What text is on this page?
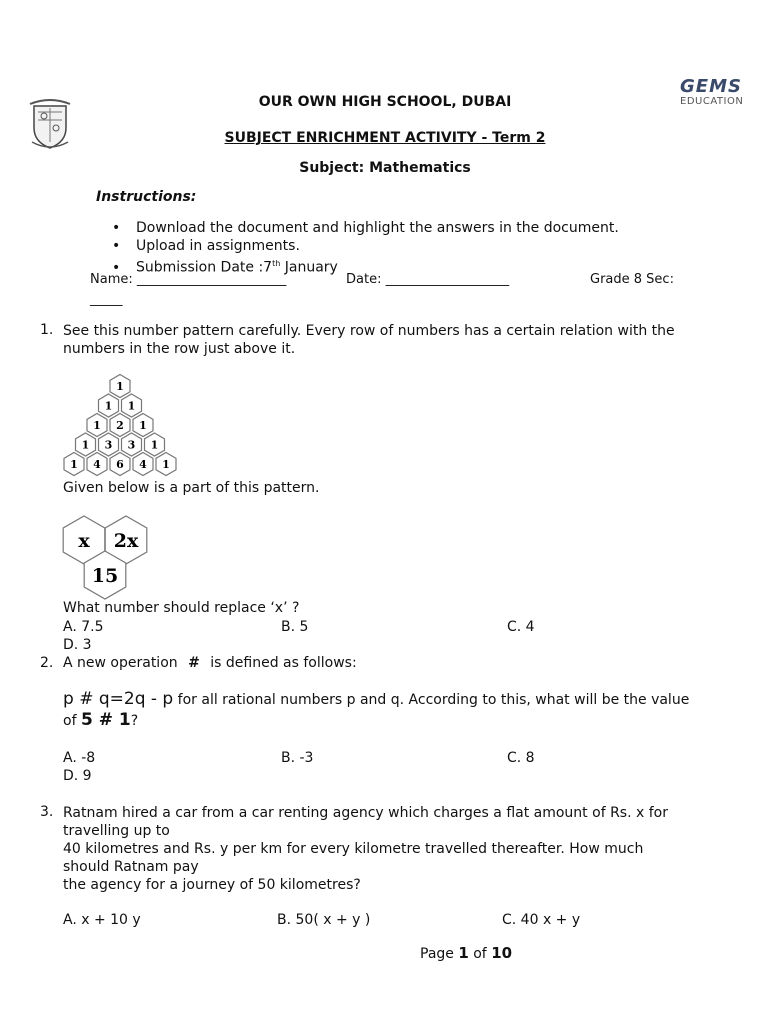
GEMS
EDUCATION
OUR OWN HIGH SCHOOL, DUBAI
SUBJECT ENRICHMENT ACTIVITY - Term 2
Subject: Mathematics
Instructions:
• Download the document and highlight the answers in the document.
• Upload in assignments.
• Submission Date :7th January
Name: _______________________	Date: ___________________	Grade 8 Sec:
_____
1. See this number pattern carefully. Every row of numbers has a certain relation with the
numbers in the row just above it.
1
1 1
1 2 1
1 3 3 1
1 4 6 4 1
Given below is a part of this pattern.
x 2x
15
What number should replace ‘x’ ?
A. 7.5	B. 5	C. 4
D. 3
2. A new operation # is defined as follows:
p # q=2q - p for all rational numbers p and q. According to this, what will be the value
of 5 # 1?
A. -8	B. -3	C. 8
D. 9
3. Ratnam hired a car from a car renting agency which charges a flat amount of Rs. x for
travelling up to
40 kilometres and Rs. y per km for every kilometre travelled thereafter. How much
should Ratnam pay
the agency for a journey of 50 kilometres?
A. x + 10 y	B. 50( x + y )	C. 40 x + y
Page 1 of 10
